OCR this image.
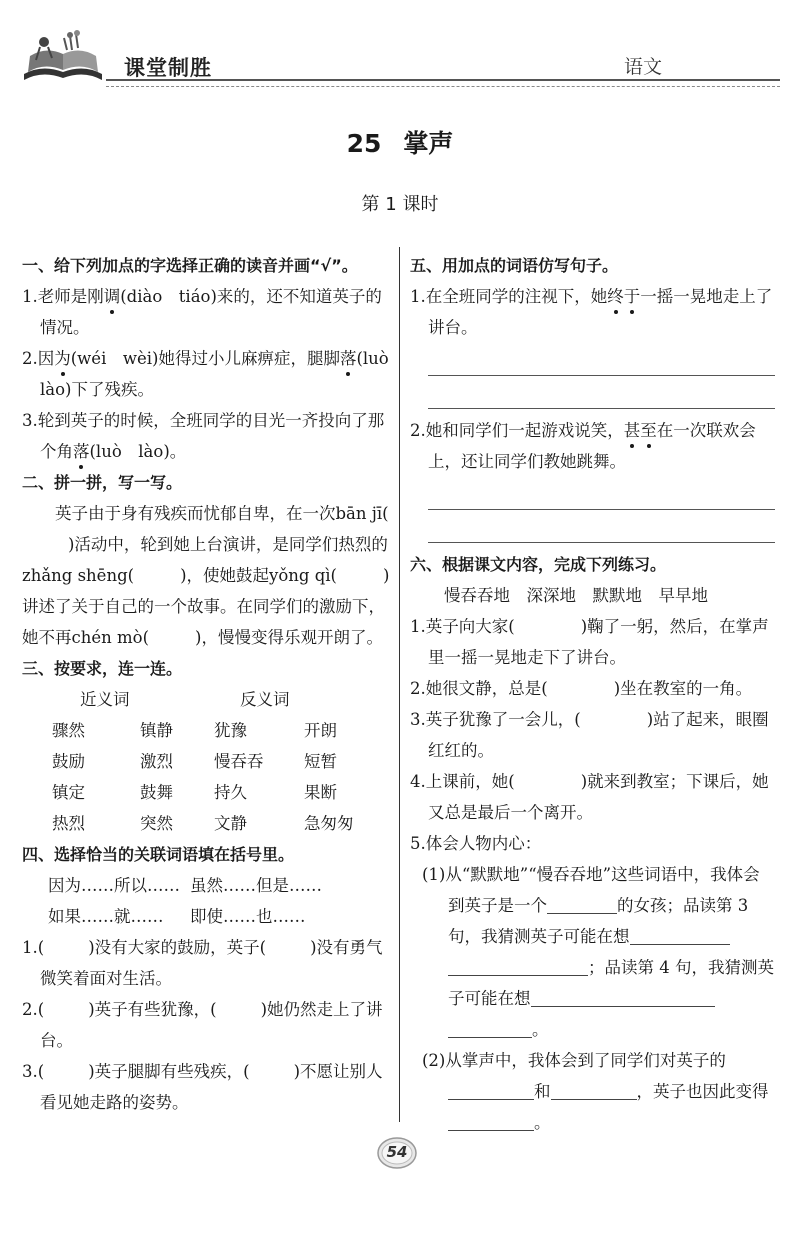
课堂制胜	语文
25 掌声
第 1 课时
一、给下列加点的字选择正确的读音并画“√”。

1.老师是刚调(diào　tiáo)来的，还不知道英子的情况。

2.因为(wéi　wèi)她得过小儿麻痹症，腿脚落(luò　lào)下了残疾。

3.轮到英子的时候，全班同学的目光一齐投向了那个角落(luò　lào)。

二、拼一拼，写一写。

英子由于身有残疾而忧郁自卑，在一次bān jī()活动中，轮到她上台演讲，是同学们热烈的zhǎng shēng(	)，使她鼓起yǒng qì(	)讲述了关于自己的一个故事。在同学们的激励下，她不再chén mò(	)，慢慢变得乐观开朗了。

三、按要求，连一连。
近义词	反义词
骤然	镇静	犹豫	开朗
鼓励	激烈	慢吞吞	短暂
镇定	鼓舞	持久	果断
热烈	突然	文静	急匆匆
四、选择恰当的关联词语填在括号里。
因为……所以…… 虽然……但是……
如果……就……	即使……也……

1.(	)没有大家的鼓励，英子(	)没有勇气微笑着面对生活。

2.(	)英子有些犹豫，(	)她仍然走上了讲台。

3.(	)英子腿脚有些残疾，(	)不愿让别人看见她走路的姿势。

五、用加点的词语仿写句子。

1.在全班同学的注视下，她终于一摇一晃地走上了讲台。

2.她和同学们一起游戏说笑，甚至在一次联欢会上，还让同学们教她跳舞。

六、根据课文内容，完成下列练习。

慢吞吞地　深深地　默默地　早早地

1.英子向大家(	)鞠了一躬，然后，在掌声里一摇一晃地走下了讲台。

2.她很文静，总是(	)坐在教室的一角。

3.英子犹豫了一会儿，(	)站了起来，眼圈红红的。

4.上课前，她(	)就来到教室；下课后，她又总是最后一个离开。

5.体会人物内心：

(1)从“默默地”“慢吞吞地”这些词语中，我体会到英子是一个	的女孩；品读第 3 句，我猜测英子可能在想；品读第 4 句，我猜测英子可能在想。

(2)从掌声中，我体会到了同学们对英子的和	，英子也因此变得。

54
